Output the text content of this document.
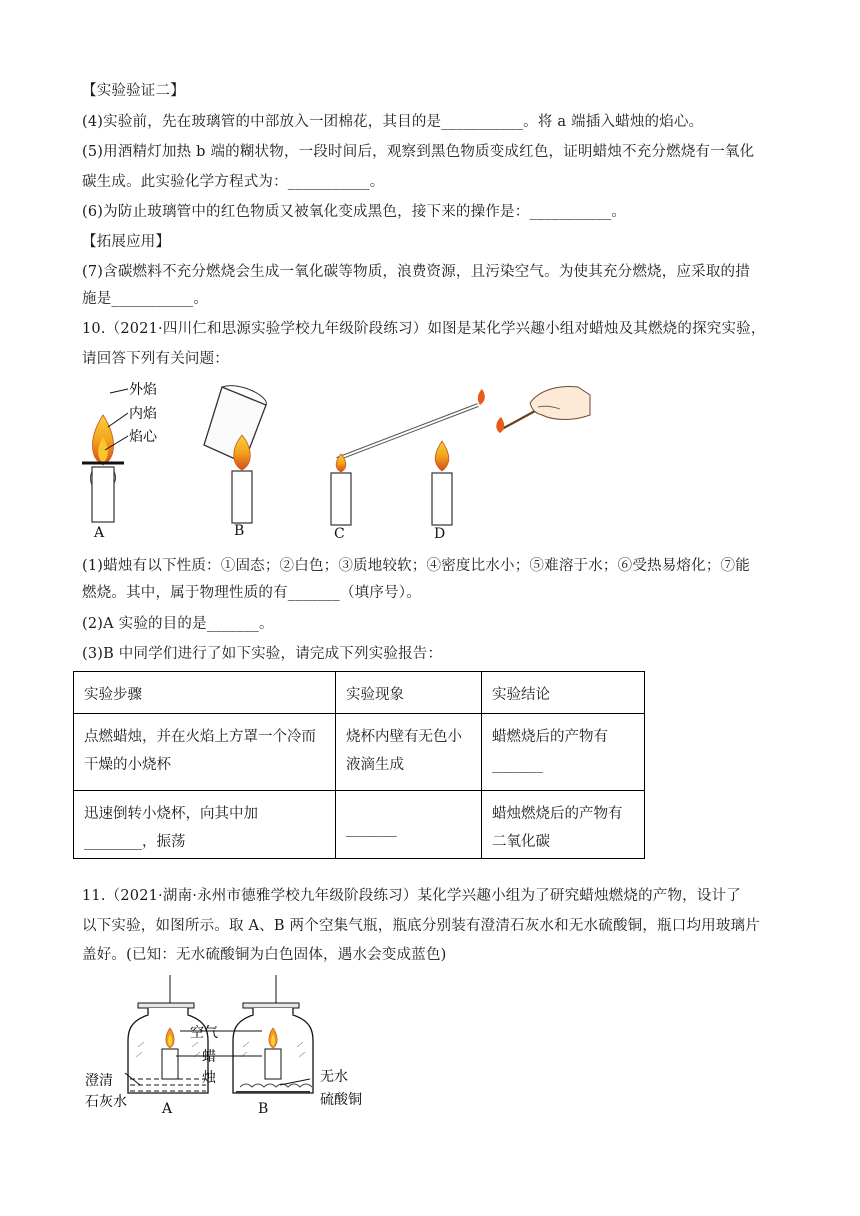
【实验验证二】
(4)实验前，先在玻璃管的中部放入一团棉花，其目的是___________。将 a 端插入蜡烛的焰心。
(5)用酒精灯加热 b 端的糊状物，一段时间后，观察到黑色物质变成红色，证明蜡烛不充分燃烧有一氧化
碳生成。此实验化学方程式为：___________。
(6)为防止玻璃管中的红色物质又被氧化变成黑色，接下来的操作是：___________。
【拓展应用】
(7)含碳燃料不充分燃烧会生成一氧化碳等物质，浪费资源，且污染空气。为使其充分燃烧，应采取的措
施是___________。
10.（2021·四川仁和思源实验学校九年级阶段练习）如图是某化学兴趣小组对蜡烛及其燃烧的探究实验，
请回答下列有关问题：
外焰
内焰
焰心
A	B	C	D
(1)蜡烛有以下性质：①固态；②白色；③质地较软；④密度比水小；⑤难溶于水；⑥受热易熔化；⑦能
燃烧。其中，属于物理性质的有_______（填序号）。
(2)A 实验的目的是_______。
(3)B 中同学们进行了如下实验，请完成下列实验报告：
实验步骤	实验现象	实验结论
点燃蜡烛，并在火焰上方罩一个冷而干燥的小烧杯	烧杯内壁有无色小液滴生成	蜡燃烧后的产物有_______
迅速倒转小烧杯，向其中加________，振荡	_______	蜡烛燃烧后的产物有二氧化碳
11.（2021·湖南·永州市德雅学校九年级阶段练习）某化学兴趣小组为了研究蜡烛燃烧的产物，设计了
以下实验，如图所示。取 A、B 两个空集气瓶，瓶底分别装有澄清石灰水和无水硫酸铜，瓶口均用玻璃片
盖好。(已知：无水硫酸铜为白色固体，遇水会变成蓝色)
A	B
空气
蜡
烛
澄清
石灰水
无水
硫酸铜
